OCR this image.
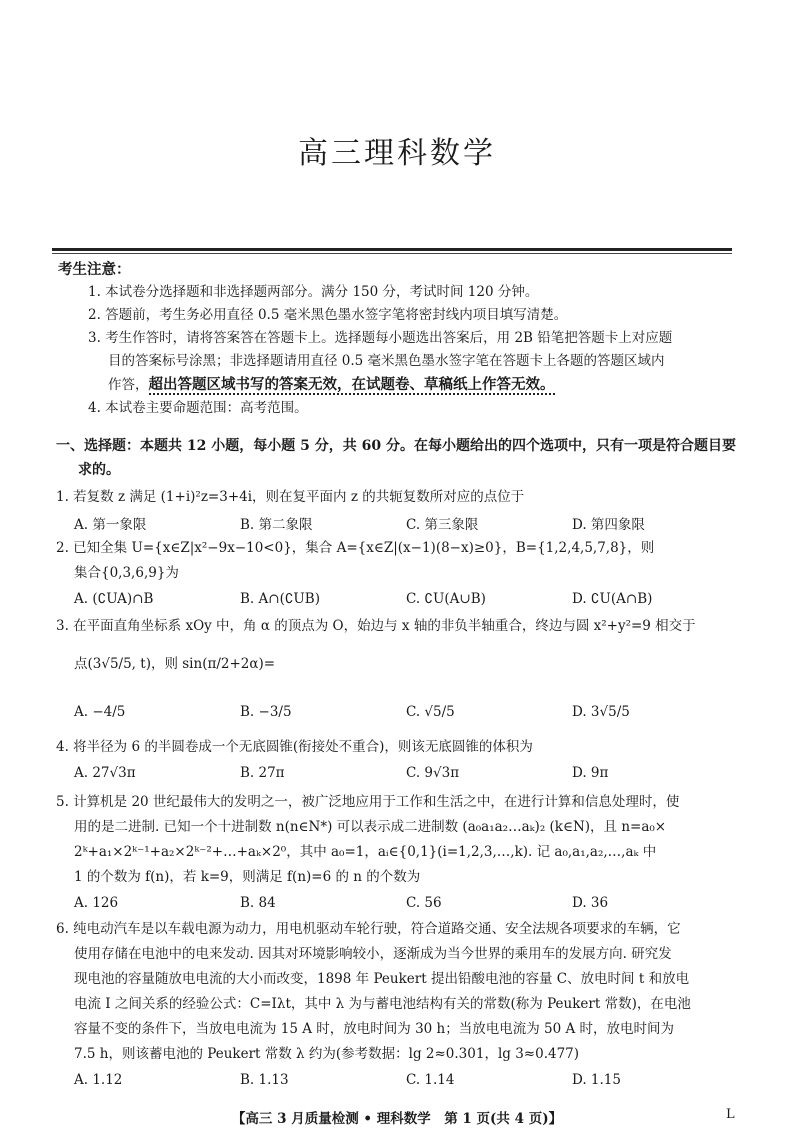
高三理科数学
考生注意：
1. 本试卷分选择题和非选择题两部分。满分 150 分，考试时间 120 分钟。
2. 答题前，考生务必用直径 0.5 毫米黑色墨水签字笔将密封线内项目填写清楚。
3. 考生作答时，请将答案答在答题卡上。选择题每小题选出答案后，用 2B 铅笔把答题卡上对应题
目的答案标号涂黑；非选择题请用直径 0.5 毫米黑色墨水签字笔在答题卡上各题的答题区域内
作答，超出答题区域书写的答案无效，在试题卷、草稿纸上作答无效。
4. 本试卷主要命题范围：高考范围。
一、选择题：本题共 12 小题，每小题 5 分，共 60 分。在每小题给出的四个选项中，只有一项是符合题目要
求的。
1. 若复数 z 满足 (1+i)²z=3+4i，则在复平面内 z 的共轭复数所对应的点位于
A. 第一象限	B. 第二象限	C. 第三象限	D. 第四象限
2. 已知全集 U={x∈Z|x²−9x−10<0}，集合 A={x∈Z|(x−1)(8−x)≥0}，B={1,2,4,5,7,8}，则
集合{0,3,6,9}为
A. (∁UA)∩B	B. A∩(∁UB)	C. ∁U(A∪B)	D. ∁U(A∩B)
3. 在平面直角坐标系 xOy 中，角 α 的顶点为 O，始边与 x 轴的非负半轴重合，终边与圆 x²+y²=9 相交于
点(3√5/5, t)，则 sin(π/2+2α)=
A. −4/5	B. −3/5	C. √5/5	D. 3√5/5
4. 将半径为 6 的半圆卷成一个无底圆锥(衔接处不重合)，则该无底圆锥的体积为
A. 27√3π	B. 27π	C. 9√3π	D. 9π
5. 计算机是 20 世纪最伟大的发明之一，被广泛地应用于工作和生活之中，在进行计算和信息处理时，使
用的是二进制. 已知一个十进制数 n(n∈N*) 可以表示成二进制数 (a₀a₁a₂…aₖ)₂ (k∈N)，且 n=a₀×
2ᵏ+a₁×2ᵏ⁻¹+a₂×2ᵏ⁻²+…+aₖ×2⁰，其中 a₀=1，aᵢ∈{0,1}(i=1,2,3,…,k). 记 a₀,a₁,a₂,…,aₖ 中
1 的个数为 f(n)，若 k=9，则满足 f(n)=6 的 n 的个数为
A. 126	B. 84	C. 56	D. 36
6. 纯电动汽车是以车载电源为动力，用电机驱动车轮行驶，符合道路交通、安全法规各项要求的车辆，它
使用存储在电池中的电来发动. 因其对环境影响较小，逐渐成为当今世界的乘用车的发展方向. 研究发
现电池的容量随放电电流的大小而改变，1898 年 Peukert 提出铅酸电池的容量 C、放电时间 t 和放电
电流 I 之间关系的经验公式：C=Iλt，其中 λ 为与蓄电池结构有关的常数(称为 Peukert 常数)，在电池
容量不变的条件下，当放电电流为 15 A 时，放电时间为 30 h；当放电电流为 50 A 时，放电时间为
7.5 h，则该蓄电池的 Peukert 常数 λ 约为(参考数据：lg 2≈0.301，lg 3≈0.477)
A. 1.12	B. 1.13	C. 1.14	D. 1.15
【高三 3 月质量检测 • 理科数学　第 1 页(共 4 页)】	L
